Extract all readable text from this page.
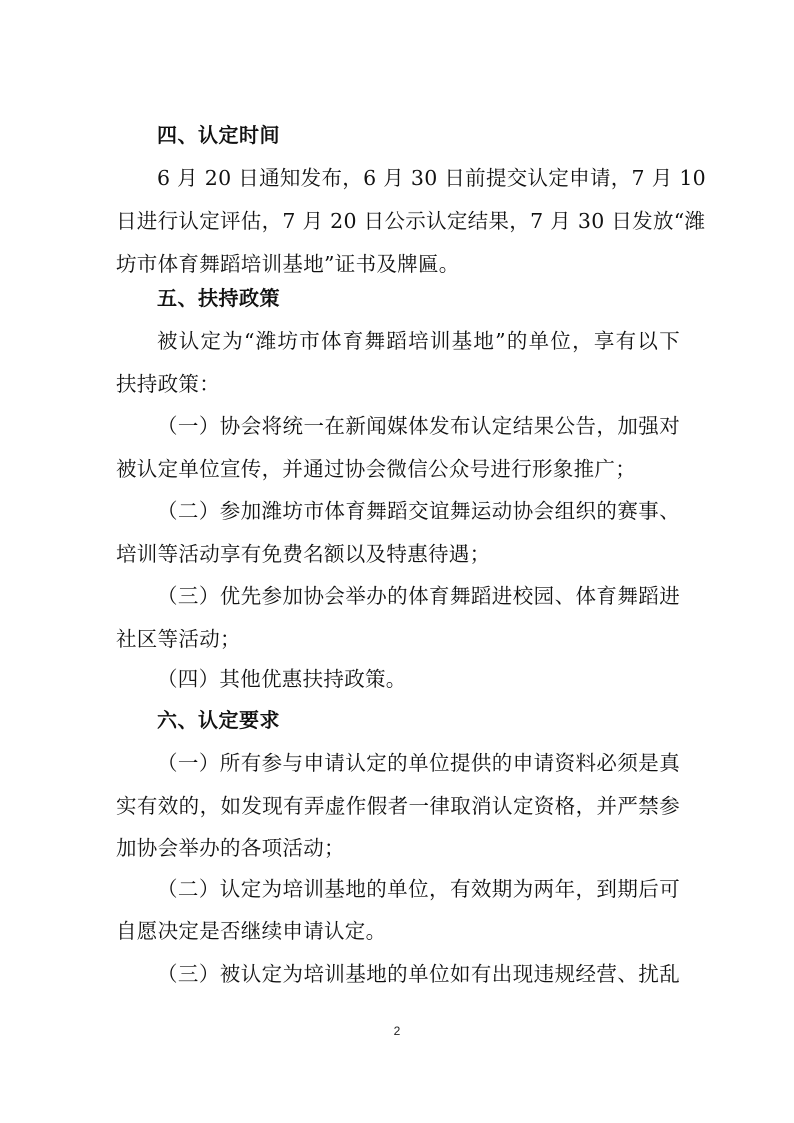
四、认定时间
6 月 20 日通知发布，6 月 30 日前提交认定申请，7 月 10
日进行认定评估，7 月 20 日公示认定结果，7 月 30 日发放“潍
坊市体育舞蹈培训基地”证书及牌匾。
五、扶持政策
被认定为“潍坊市体育舞蹈培训基地”的单位，享有以下
扶持政策：
（一）协会将统一在新闻媒体发布认定结果公告，加强对
被认定单位宣传，并通过协会微信公众号进行形象推广；
（二）参加潍坊市体育舞蹈交谊舞运动协会组织的赛事、
培训等活动享有免费名额以及特惠待遇；
（三）优先参加协会举办的体育舞蹈进校园、体育舞蹈进
社区等活动；
（四）其他优惠扶持政策。
六、认定要求
（一）所有参与申请认定的单位提供的申请资料必须是真
实有效的，如发现有弄虚作假者一律取消认定资格，并严禁参
加协会举办的各项活动；
（二）认定为培训基地的单位，有效期为两年，到期后可
自愿决定是否继续申请认定。
（三）被认定为培训基地的单位如有出现违规经营、扰乱
2
